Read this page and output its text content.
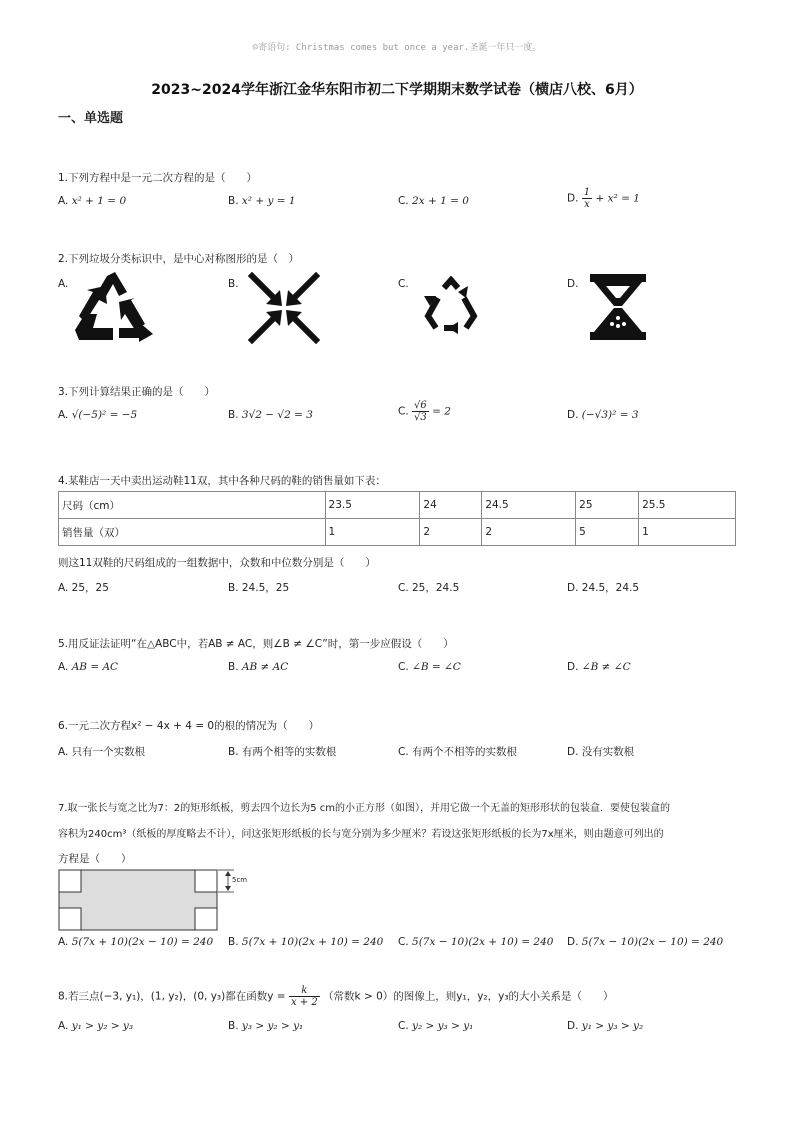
☺寄语句: Christmas comes but once a year.圣诞一年只一度。
2023~2024学年浙江金华东阳市初二下学期期末数学试卷（横店八校、6月）
一、单选题
1.下列方程中是一元二次方程的是（　　）
A. x² + 1 = 0	B. x² + y = 1	C. 2x + 1 = 0	D. $\frac{1}{x} + x^2 = 1$
2.下列垃圾分类标识中，是中心对称图形的是（　）
A.	B.	C.	D.
3.下列计算结果正确的是（　　）
A. √(−5)² = −5	B. 3√2 − √2 = 3	C. $\frac{√6}{√3} = 2$	D. (−√3)² = 3
4.某鞋店一天中卖出运动鞋11双，其中各种尺码的鞋的销售量如下表：
尺码（cm）	23.5	24	24.5	25	25.5
销售量（双）	1	2	2	5	1
则这11双鞋的尺码组成的一组数据中，众数和中位数分别是（　　）
A. 25，25	B. 24.5，25	C. 25，24.5	D. 24.5，24.5
5.用反证法证明“在△ABC中，若AB ≠ AC，则∠B ≠ ∠C”时，第一步应假设（　　）
A. AB = AC	B. AB ≠ AC	C. ∠B = ∠C	D. ∠B ≠ ∠C
6.一元二次方程x² − 4x + 4 = 0的根的情况为（　　）
A. 只有一个实数根	B. 有两个相等的实数根	C. 有两个不相等的实数根	D. 没有实数根
7.取一张长与宽之比为7：2的矩形纸板，剪去四个边长为5 cm的小正方形（如图），并用它做一个无盖的矩形形状的包装盒．要使包装盒的
容积为240cm³（纸板的厚度略去不计），问这张矩形纸板的长与宽分别为多少厘米？若设这张矩形纸板的长为7x厘米，则由题意可列出的
方程是（　　）
5cm
A. 5(7x + 10)(2x − 10) = 240 B. 5(7x + 10)(2x + 10) = 240 C. 5(7x − 10)(2x + 10) = 240 D. 5(7x − 10)(2x − 10) = 240
8.若三点(−3, y₁)，(1, y₂)，(0, y₃)都在函数$y = \frac{k}{x + 2}$ （常数k > 0）的图像上，则y₁，y₂，y₃的大小关系是（　　）
A. y₁ > y₂ > y₃	B. y₃ > y₂ > y₁	C. y₂ > y₃ > y₁	D. y₁ > y₃ > y₂
